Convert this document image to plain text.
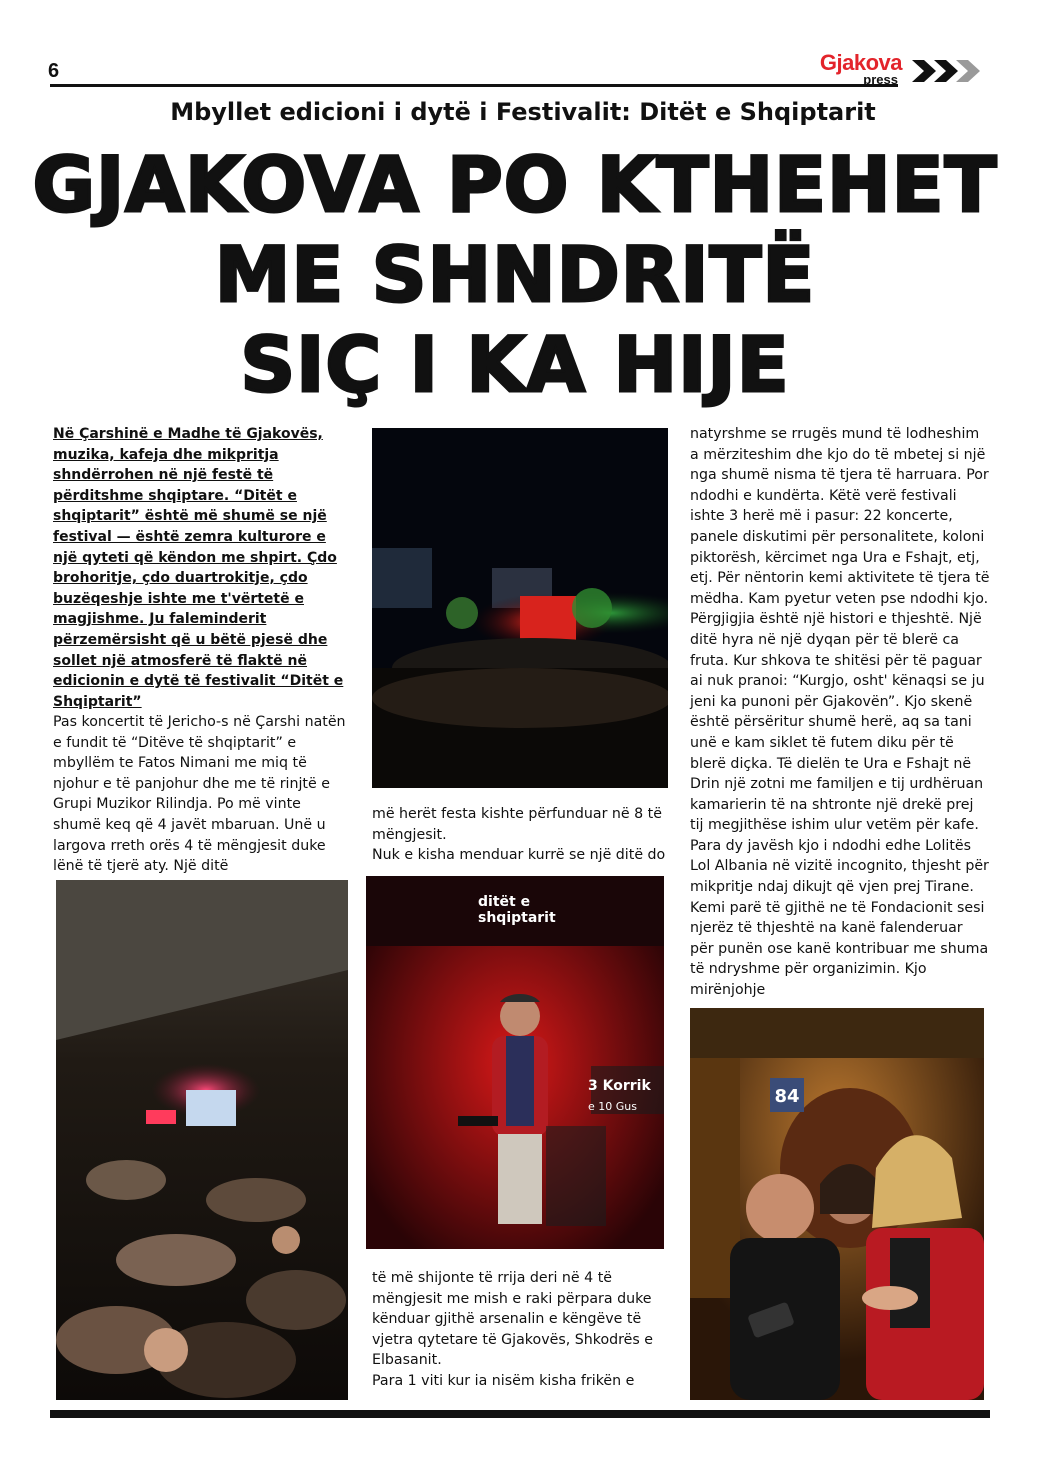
6	Gjakova
press
Mbyllet edicioni i dytë i Festivalit: Ditët e Shqiptarit
GJAKOVA PO KTHEHET
ME SHNDRITË
SIÇ I KA HIJE

Në Çarshinë e Madhe të Gjakovës, muzika, kafeja dhe mikpritja shndërrohen në një festë të përditshme shqiptare. “Ditët e shqiptarit” është më shumë se një festival — është zemra kulturore e një qyteti që këndon me shpirt. Çdo brohoritje, çdo duartrokitje, çdo buzëqeshje ishte me t'vërtetë e magjishme. Ju faleminderit përzemërsisht që u bëtë pjesë dhe sollet një atmosferë të flaktë në edicionin e dytë të festivalit “Ditët e Shqiptarit”

Pas koncertit të Jericho-s në Çarshi natën e fundit të “Ditëve të shqiptarit” e mbyllëm te Fatos Nimani me miq të njohur e të panjohur dhe me të rinjtë e Grupi Muzikor Rilindja. Po më vinte shumë keq që 4 javët mbaruan. Unë u largova rreth orës 4 të mëngjesit duke lënë të tjerë aty. Një ditë

më herët festa kishte përfunduar në 8 të mëngjesit.
Nuk e kisha menduar kurrë se një ditë do

ditët e
shqiptarit
3 Korrik
e 10 Gus

të më shijonte të rrija deri në 4 të mëngjesit me mish e raki përpara duke kënduar gjithë arsenalin e këngëve të vjetra qytetare të Gjakovës, Shkodrës e Elbasanit.
Para 1 viti kur ia nisëm kisha frikën e

natyrshme se rrugës mund të lodheshim a mërziteshim dhe kjo do të mbetej si një nga shumë nisma të tjera të harruara. Por ndodhi e kundërta. Këtë verë festivali ishte 3 herë më i pasur: 22 koncerte, panele diskutimi për personalitete, koloni piktorësh, kërcimet nga Ura e Fshajt, etj, etj. Për nëntorin kemi aktivitete të tjera të mëdha. Kam pyetur veten pse ndodhi kjo. Përgjigjia është një histori e thjeshtë. Një ditë hyra në një dyqan për të blerë ca fruta. Kur shkova te shitësi për të paguar ai nuk pranoi: “Kurgjo, osht' kënaqsi se ju jeni ka punoni për Gjakovën”. Kjo skenë është përsëritur shumë herë, aq sa tani unë e kam siklet të futem diku për të blerë diçka. Të dielën te Ura e Fshajt në Drin një zotni me familjen e tij urdhëruan kamarierin të na shtronte një drekë prej tij megjithëse ishim ulur vetëm për kafe. Para dy javësh kjo i ndodhi edhe Lolitës Lol Albania në vizitë incognito, thjesht për mikpritje ndaj dikujt që vjen prej Tirane. Kemi parë të gjithë ne të Fondacionit sesi njerëz të thjeshtë na kanë falenderuar për punën ose kanë kontribuar me shuma të ndryshme për organizimin. Kjo mirënjohje

84
